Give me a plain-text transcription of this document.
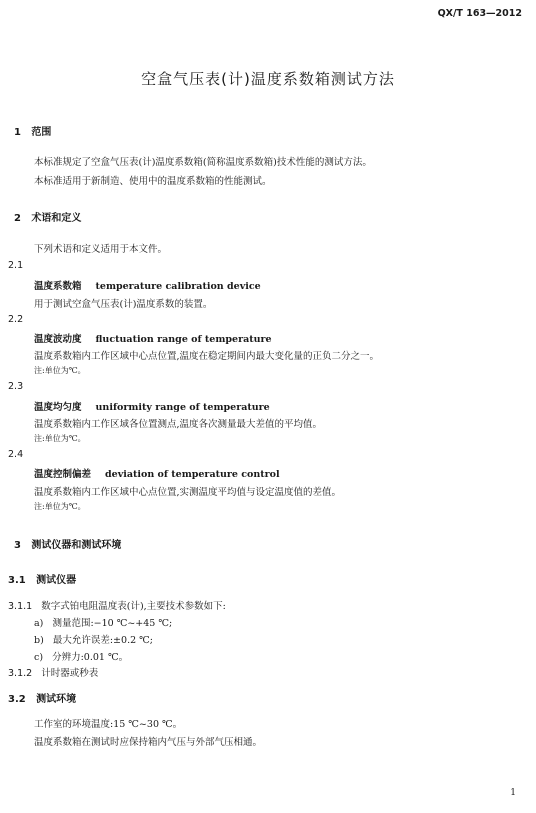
QX/T 163—2012
空盒气压表(计)温度系数箱测试方法
1 范围
本标准规定了空盒气压表(计)温度系数箱(简称温度系数箱)技术性能的测试方法。
本标准适用于新制造、使用中的温度系数箱的性能测试。
2 术语和定义
下列术语和定义适用于本文件。
2.1
温度系数箱 temperature calibration device
用于测试空盒气压表(计)温度系数的装置。
2.2
温度波动度 fluctuation range of temperature
温度系数箱内工作区域中心点位置,温度在稳定期间内最大变化量的正负二分之一。
注:单位为℃。
2.3
温度均匀度 uniformity range of temperature
温度系数箱内工作区域各位置测点,温度各次测量最大差值的平均值。
注:单位为℃。
2.4
温度控制偏差 deviation of temperature control
温度系数箱内工作区域中心点位置,实测温度平均值与设定温度值的差值。
注:单位为℃。
3 测试仪器和测试环境
3.1 测试仪器
3.1.1 数字式铂电阻温度表(计),主要技术参数如下:
a) 测量范围:−10 ℃~+45 ℃;
b) 最大允许误差:±0.2 ℃;
c) 分辨力:0.01 ℃。
3.1.2 计时器或秒表
3.2 测试环境
工作室的环境温度:15 ℃~30 ℃。
温度系数箱在测试时应保持箱内气压与外部气压相通。
1
